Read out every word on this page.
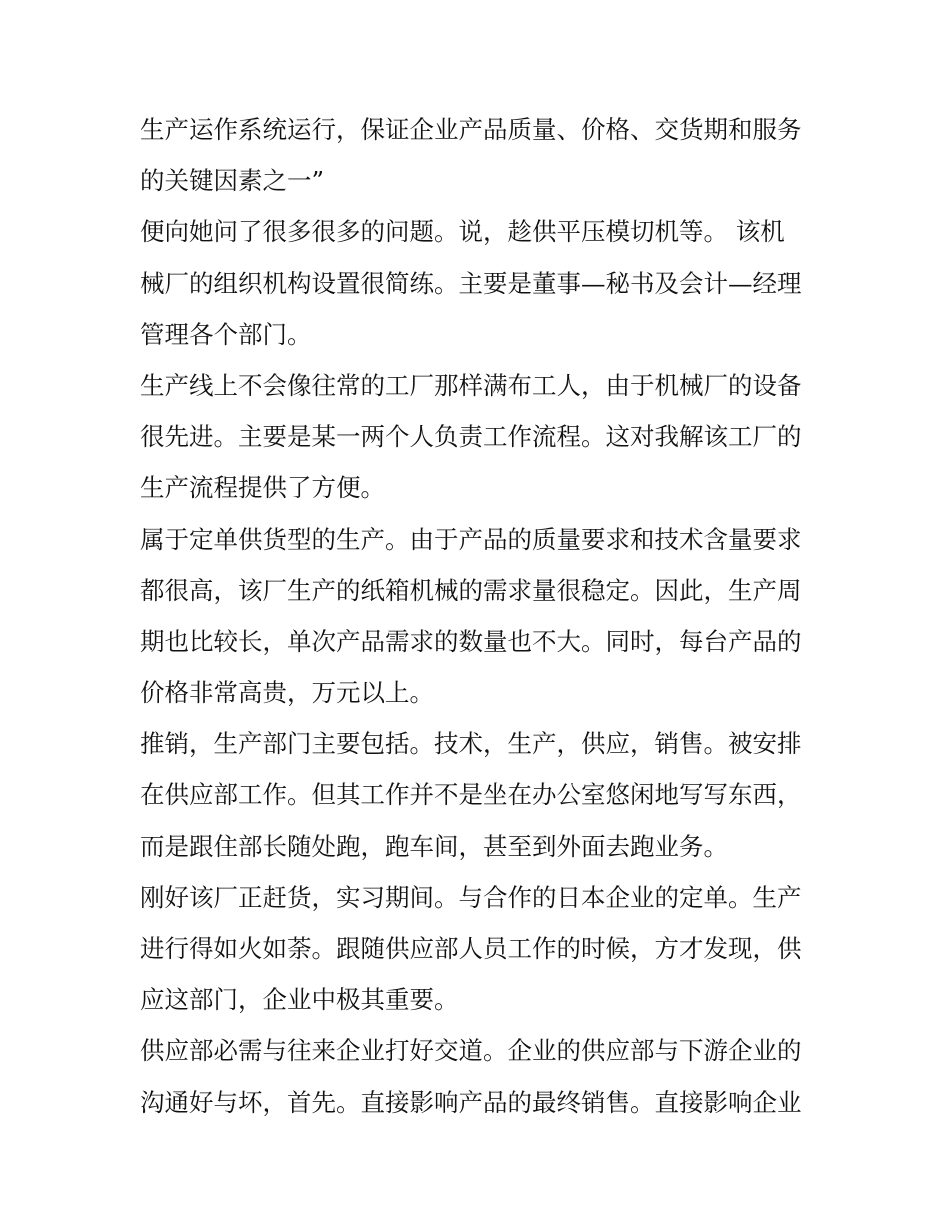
生产运作系统运行，保证企业产品质量、价格、交货期和服务
的关键因素之一”
便向她问了很多很多的问题。说，趁供平压模切机等。 该机
械厂的组织机构设置很简练。主要是董事—秘书及会计—经理
管理各个部门。
生产线上不会像往常的工厂那样满布工人，由于机械厂的设备
很先进。主要是某一两个人负责工作流程。这对我解该工厂的
生产流程提供了方便。
属于定单供货型的生产。由于产品的质量要求和技术含量要求
都很高，该厂生产的纸箱机械的需求量很稳定。因此，生产周
期也比较长，单次产品需求的数量也不大。同时，每台产品的
价格非常高贵，万元以上。
推销，生产部门主要包括。技术，生产，供应，销售。被安排
在供应部工作。但其工作并不是坐在办公室悠闲地写写东西，
而是跟住部长随处跑，跑车间，甚至到外面去跑业务。
刚好该厂正赶货，实习期间。与合作的日本企业的定单。生产
进行得如火如荼。跟随供应部人员工作的时候，方才发现，供
应这部门，企业中极其重要。
供应部必需与往来企业打好交道。企业的供应部与下游企业的
沟通好与坏，首先。直接影响产品的最终销售。直接影响企业
